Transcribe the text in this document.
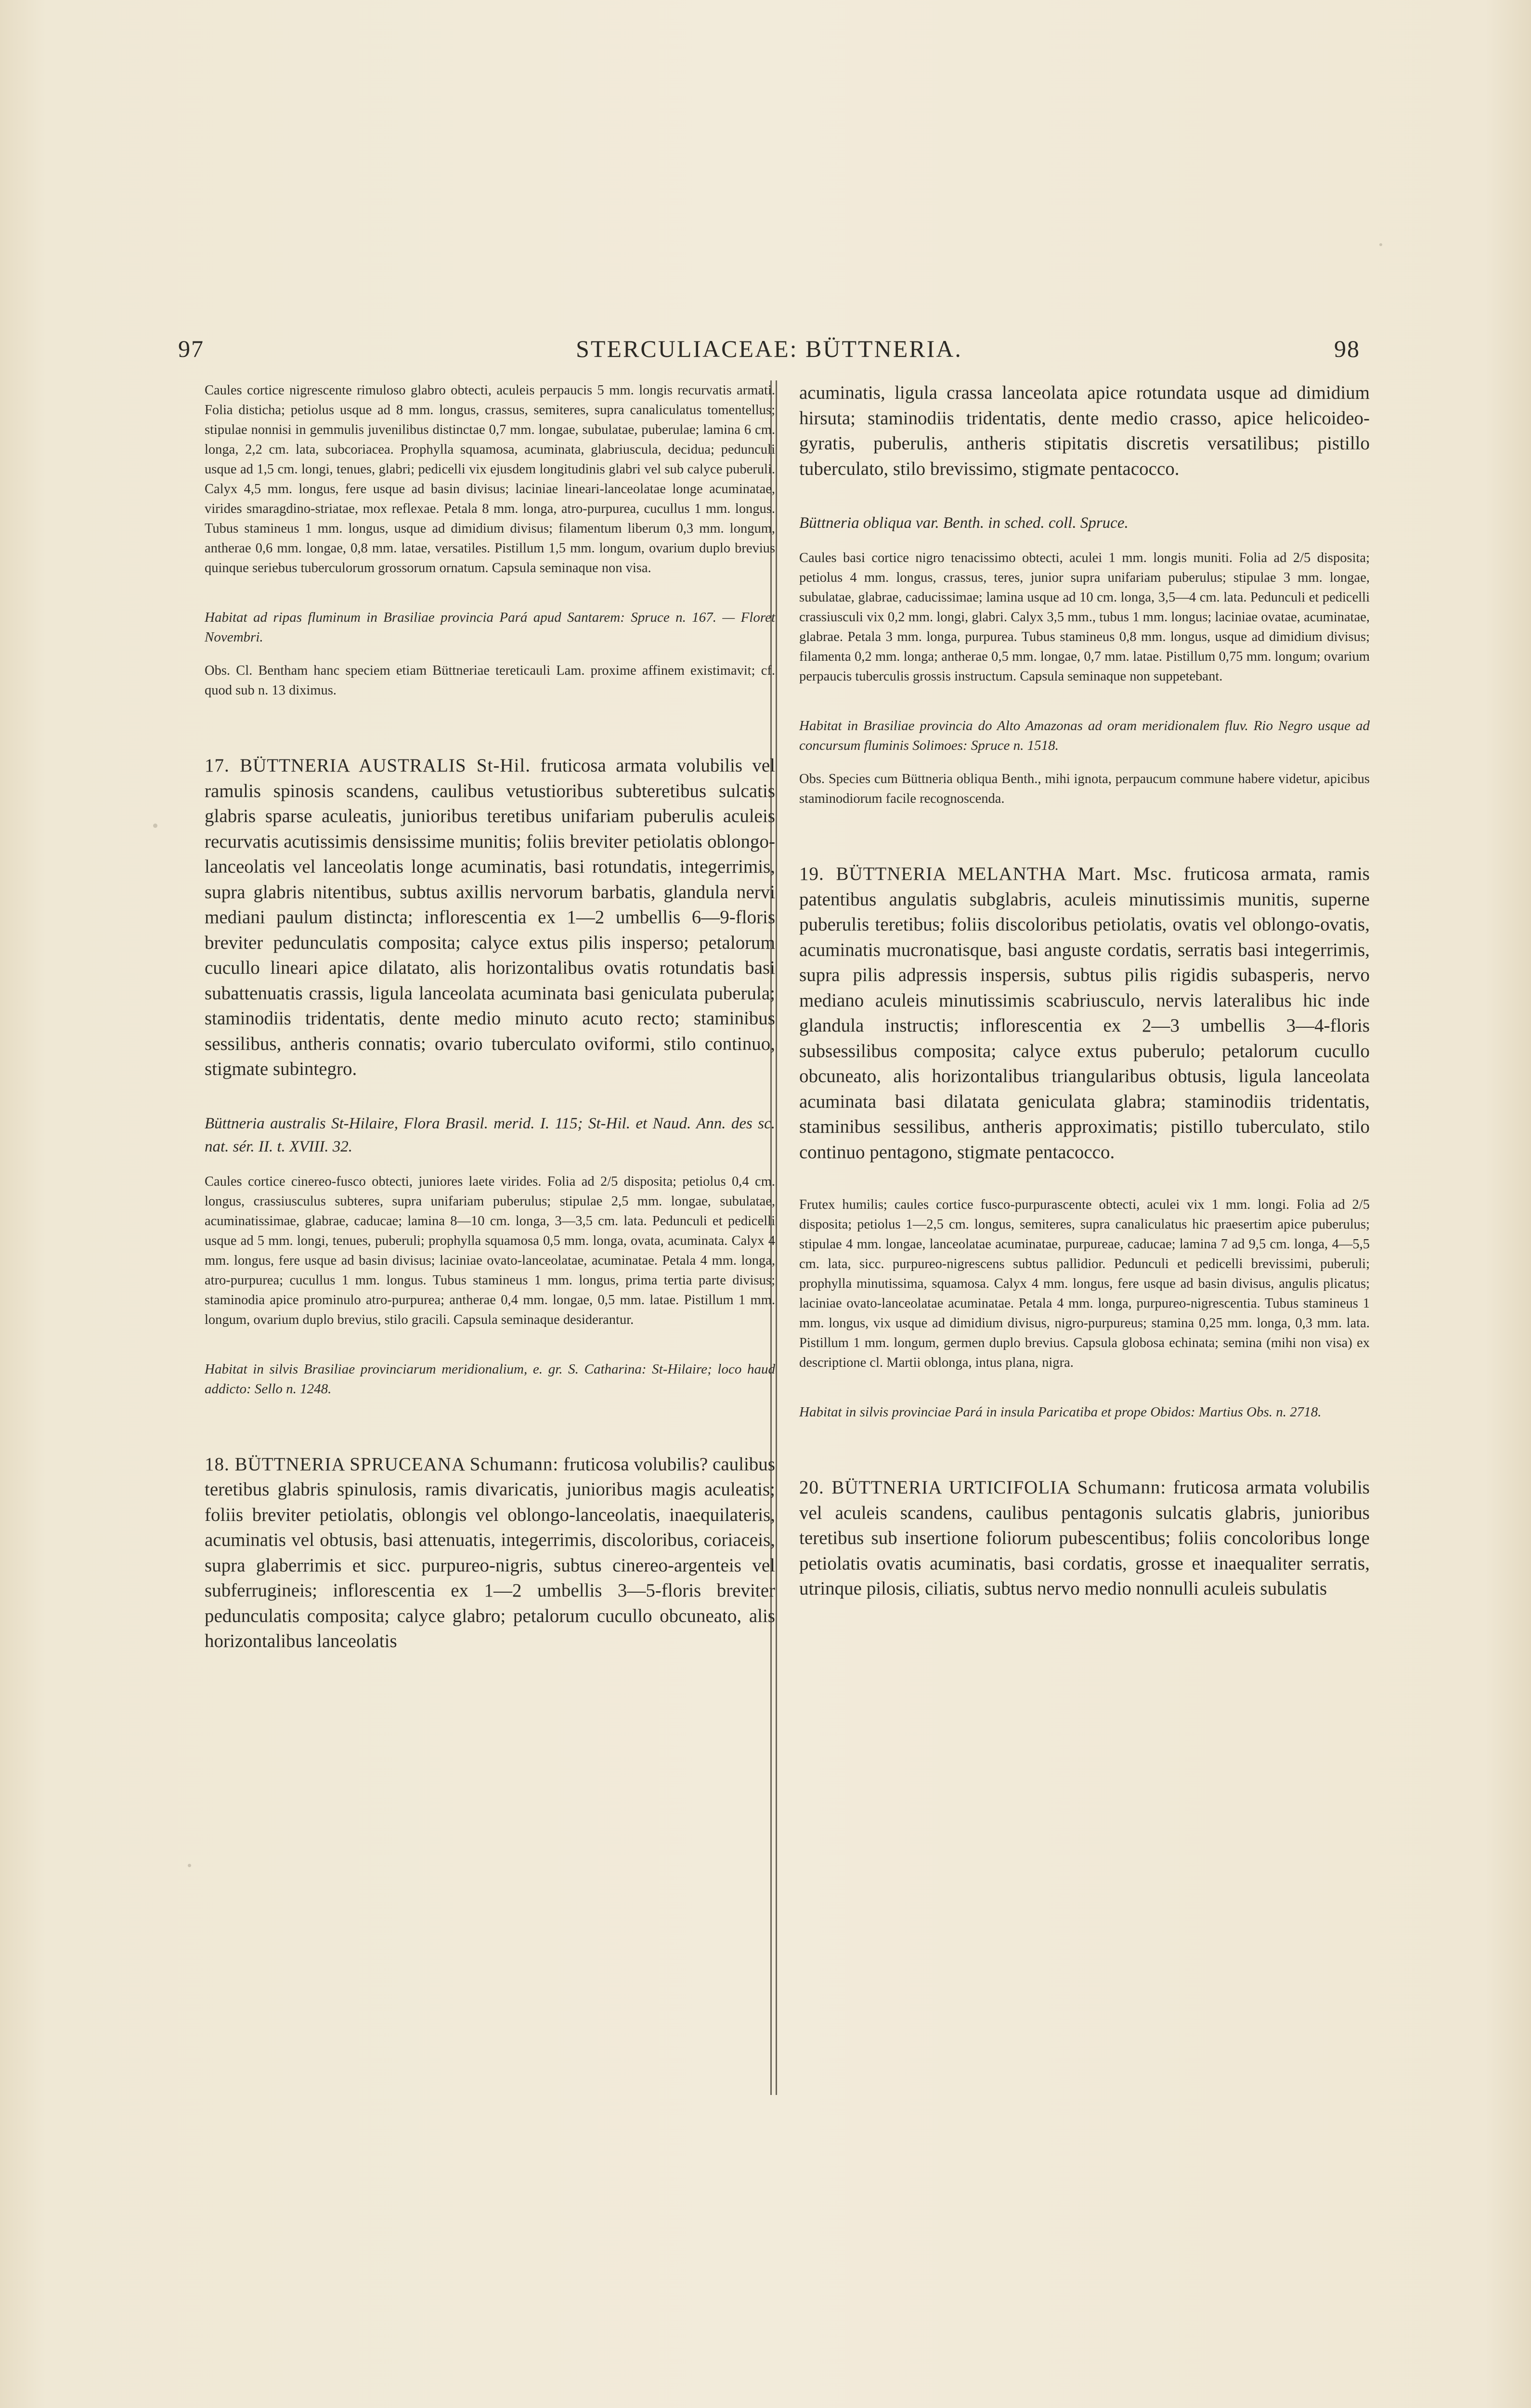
97	STERCULIACEAE: BÜTTNERIA.	98

Caules cortice nigrescente rimuloso glabro obtecti, aculeis perpaucis 5 mm. longis recurvatis armati. Folia disticha; petiolus usque ad 8 mm. longus, crassus, semiteres, supra canaliculatus tomentellus; stipulae nonnisi in gemmulis juvenilibus distinctae 0,7 mm. longae, subulatae, puberulae; lamina 6 cm. longa, 2,2 cm. lata, subcoriacea. Prophylla squamosa, acuminata, glabriuscula, decidua; pedunculi usque ad 1,5 cm. longi, tenues, glabri; pedicelli vix ejusdem longitudinis glabri vel sub calyce puberuli. Calyx 4,5 mm. longus, fere usque ad basin divisus; laciniae lineari-lanceolatae longe acuminatae, virides smaragdino-striatae, mox reflexae. Petala 8 mm. longa, atro-purpurea, cucullus 1 mm. longus. Tubus stamineus 1 mm. longus, usque ad dimidium divisus; filamentum liberum 0,3 mm. longum, antherae 0,6 mm. longae, 0,8 mm. latae, versatiles. Pistillum 1,5 mm. longum, ovarium duplo brevius quinque seriebus tuberculorum grossorum ornatum. Capsula seminaque non visa.

Habitat ad ripas fluminum in Brasiliae provincia Pará apud Santarem: Spruce n. 167. — Floret Novembri.

Obs. Cl. Bentham hanc speciem etiam Büttneriae tereticauli Lam. proxime affinem existimavit; cf. quod sub n. 13 diximus.

17. BÜTTNERIA AUSTRALIS St-Hil. fruticosa armata volubilis vel ramulis spinosis scandens, caulibus vetustioribus subteretibus sulcatis glabris sparse aculeatis, junioribus teretibus unifariam puberulis aculeis recurvatis acutissimis densissime munitis; foliis breviter petiolatis oblongo-lanceolatis vel lanceolatis longe acuminatis, basi rotundatis, integerrimis, supra glabris nitentibus, subtus axillis nervorum barbatis, glandula nervi mediani paulum distincta; inflorescentia ex 1—2 umbellis 6—9-floris breviter pedunculatis composita; calyce extus pilis insperso; petalorum cucullo lineari apice dilatato, alis horizontalibus ovatis rotundatis basi subattenuatis crassis, ligula lanceolata acuminata basi geniculata puberula; staminodiis tridentatis, dente medio minuto acuto recto; staminibus sessilibus, antheris connatis; ovario tuberculato oviformi, stilo continuo, stigmate subintegro.

Büttneria australis St-Hilaire, Flora Brasil. merid. I. 115; St-Hil. et Naud. Ann. des sc. nat. sér. II. t. XVIII. 32.

Caules cortice cinereo-fusco obtecti, juniores laete virides. Folia ad 2/5 disposita; petiolus 0,4 cm. longus, crassiusculus subteres, supra unifariam puberulus; stipulae 2,5 mm. longae, subulatae, acuminatissimae, glabrae, caducae; lamina 8—10 cm. longa, 3—3,5 cm. lata. Pedunculi et pedicelli usque ad 5 mm. longi, tenues, puberuli; prophylla squamosa 0,5 mm. longa, ovata, acuminata. Calyx 4 mm. longus, fere usque ad basin divisus; laciniae ovato-lanceolatae, acuminatae. Petala 4 mm. longa, atro-purpurea; cucullus 1 mm. longus. Tubus stamineus 1 mm. longus, prima tertia parte divisus; staminodia apice prominulo atro-purpurea; antherae 0,4 mm. longae, 0,5 mm. latae. Pistillum 1 mm. longum, ovarium duplo brevius, stilo gracili. Capsula seminaque desiderantur.

Habitat in silvis Brasiliae provinciarum meridionalium, e. gr. S. Catharina: St-Hilaire; loco haud addicto: Sello n. 1248.

18. BÜTTNERIA SPRUCEANA Schumann: fruticosa volubilis? caulibus teretibus glabris spinulosis, ramis divaricatis, junioribus magis aculeatis; foliis breviter petiolatis, oblongis vel oblongo-lanceolatis, inaequilateris, acuminatis vel obtusis, basi attenuatis, integerrimis, discoloribus, coriaceis, supra glaberrimis et sicc. purpureo-nigris, subtus cinereo-argenteis vel subferrugineis; inflorescentia ex 1—2 umbellis 3—5-floris breviter pedunculatis composita; calyce glabro; petalorum cucullo obcuneato, alis horizontalibus lanceolatis

acuminatis, ligula crassa lanceolata apice rotundata usque ad dimidium hirsuta; staminodiis tridentatis, dente medio crasso, apice helicoideo-gyratis, puberulis, antheris stipitatis discretis versatilibus; pistillo tuberculato, stilo brevissimo, stigmate pentacocco.

Büttneria obliqua var. Benth. in sched. coll. Spruce.

Caules basi cortice nigro tenacissimo obtecti, aculei 1 mm. longis muniti. Folia ad 2/5 disposita; petiolus 4 mm. longus, crassus, teres, junior supra unifariam puberulus; stipulae 3 mm. longae, subulatae, glabrae, caducissimae; lamina usque ad 10 cm. longa, 3,5—4 cm. lata. Pedunculi et pedicelli crassiusculi vix 0,2 mm. longi, glabri. Calyx 3,5 mm., tubus 1 mm. longus; laciniae ovatae, acuminatae, glabrae. Petala 3 mm. longa, purpurea. Tubus stamineus 0,8 mm. longus, usque ad dimidium divisus; filamenta 0,2 mm. longa; antherae 0,5 mm. longae, 0,7 mm. latae. Pistillum 0,75 mm. longum; ovarium perpaucis tuberculis grossis instructum. Capsula seminaque non suppetebant.

Habitat in Brasiliae provincia do Alto Amazonas ad oram meridionalem fluv. Rio Negro usque ad concursum fluminis Solimoes: Spruce n. 1518.

Obs. Species cum Büttneria obliqua Benth., mihi ignota, perpaucum commune habere videtur, apicibus staminodiorum facile recognoscenda.

19. BÜTTNERIA MELANTHA Mart. Msc. fruticosa armata, ramis patentibus angulatis subglabris, aculeis minutissimis munitis, superne puberulis teretibus; foliis discoloribus petiolatis, ovatis vel oblongo-ovatis, acuminatis mucronatisque, basi anguste cordatis, serratis basi integerrimis, supra pilis adpressis inspersis, subtus pilis rigidis subasperis, nervo mediano aculeis minutissimis scabriusculo, nervis lateralibus hic inde glandula instructis; inflorescentia ex 2—3 umbellis 3—4-floris subsessilibus composita; calyce extus puberulo; petalorum cucullo obcuneato, alis horizontalibus triangularibus obtusis, ligula lanceolata acuminata basi dilatata geniculata glabra; staminodiis tridentatis, staminibus sessilibus, antheris approximatis; pistillo tuberculato, stilo continuo pentagono, stigmate pentacocco.

Frutex humilis; caules cortice fusco-purpurascente obtecti, aculei vix 1 mm. longi. Folia ad 2/5 disposita; petiolus 1—2,5 cm. longus, semiteres, supra canaliculatus hic praesertim apice puberulus; stipulae 4 mm. longae, lanceolatae acuminatae, purpureae, caducae; lamina 7 ad 9,5 cm. longa, 4—5,5 cm. lata, sicc. purpureo-nigrescens subtus pallidior. Pedunculi et pedicelli brevissimi, puberuli; prophylla minutissima, squamosa. Calyx 4 mm. longus, fere usque ad basin divisus, angulis plicatus; laciniae ovato-lanceolatae acuminatae. Petala 4 mm. longa, purpureo-nigrescentia. Tubus stamineus 1 mm. longus, vix usque ad dimidium divisus, nigro-purpureus; stamina 0,25 mm. longa, 0,3 mm. lata. Pistillum 1 mm. longum, germen duplo brevius. Capsula globosa echinata; semina (mihi non visa) ex descriptione cl. Martii oblonga, intus plana, nigra.

Habitat in silvis provinciae Pará in insula Paricatiba et prope Obidos: Martius Obs. n. 2718.

20. BÜTTNERIA URTICIFOLIA Schumann: fruticosa armata volubilis vel aculeis scandens, caulibus pentagonis sulcatis glabris, junioribus teretibus sub insertione foliorum pubescentibus; foliis concoloribus longe petiolatis ovatis acuminatis, basi cordatis, grosse et inaequaliter serratis, utrinque pilosis, ciliatis, subtus nervo medio nonnulli aculeis subulatis
